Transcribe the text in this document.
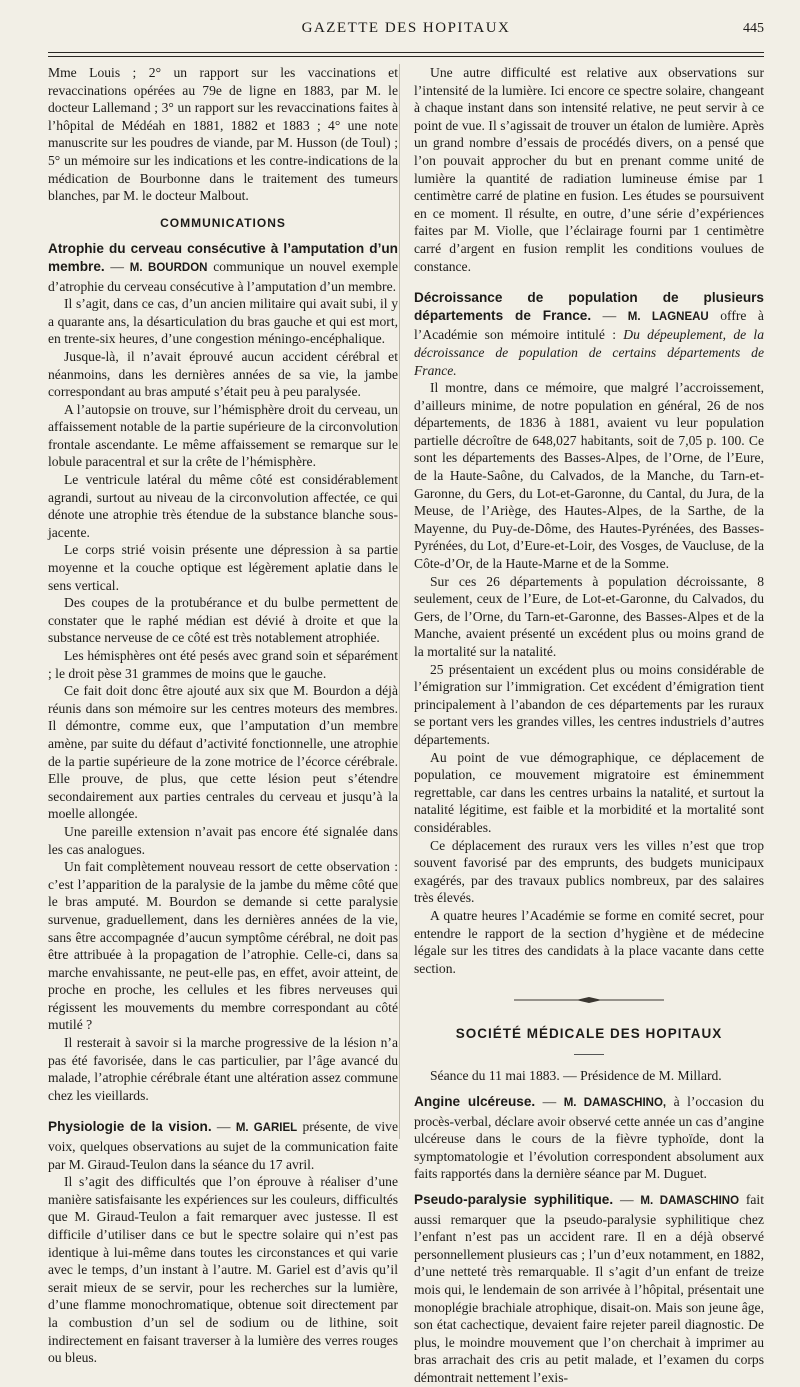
GAZETTE DES HOPITAUX	445

Mme Louis ; 2° un rapport sur les vaccinations et revaccinations opérées au 79e de ligne en 1883, par M. le docteur Lallemand ; 3° un rapport sur les revaccinations faites à l’hôpital de Médéah en 1881, 1882 et 1883 ; 4° une note manuscrite sur les poudres de viande, par M. Husson (de Toul) ; 5° un mémoire sur les indications et les contre-indications de la médication de Bourbonne dans le traitement des tumeurs blanches, par M. le docteur Malbout.

COMMUNICATIONS

Atrophie du cerveau consécutive à l’amputation d’un membre. — M. BOURDON communique un nouvel exemple d’atrophie du cerveau consécutive à l’amputation d’un membre.

Il s’agit, dans ce cas, d’un ancien militaire qui avait subi, il y a quarante ans, la désarticulation du bras gauche et qui est mort, en trente-six heures, d’une congestion méningo-encéphalique.

Jusque-là, il n’avait éprouvé aucun accident cérébral et néanmoins, dans les dernières années de sa vie, la jambe correspondant au bras amputé s’était peu à peu paralysée.

A l’autopsie on trouve, sur l’hémisphère droit du cerveau, un affaissement notable de la partie supérieure de la circonvolution frontale ascendante. Le même affaissement se remarque sur le lobule paracentral et sur la crête de l’hémisphère.

Le ventricule latéral du même côté est considérablement agrandi, surtout au niveau de la circonvolution affectée, ce qui dénote une atrophie très étendue de la substance blanche sous-jacente.

Le corps strié voisin présente une dépression à sa partie moyenne et la couche optique est légèrement aplatie dans le sens vertical.

Des coupes de la protubérance et du bulbe permettent de constater que le raphé médian est dévié à droite et que la substance nerveuse de ce côté est très notablement atrophiée.

Les hémisphères ont été pesés avec grand soin et séparément ; le droit pèse 31 grammes de moins que le gauche.

Ce fait doit donc être ajouté aux six que M. Bourdon a déjà réunis dans son mémoire sur les centres moteurs des membres. Il démontre, comme eux, que l’amputation d’un membre amène, par suite du défaut d’activité fonctionnelle, une atrophie de la partie supérieure de la zone motrice de l’écorce cérébrale. Elle prouve, de plus, que cette lésion peut s’étendre secondairement aux parties centrales du cerveau et jusqu’à la moelle allongée.

Une pareille extension n’avait pas encore été signalée dans les cas analogues.

Un fait complètement nouveau ressort de cette observation : c’est l’apparition de la paralysie de la jambe du même côté que le bras amputé. M. Bourdon se demande si cette paralysie survenue, graduellement, dans les dernières années de la vie, sans être accompagnée d’aucun symptôme cérébral, ne doit pas être attribuée à la propagation de l’atrophie. Celle-ci, dans sa marche envahissante, ne peut-elle pas, en effet, avoir atteint, de proche en proche, les cellules et les fibres nerveuses qui régissent les mouvements du membre correspondant au côté mutilé ?

Il resterait à savoir si la marche progressive de la lésion n’a pas été favorisée, dans le cas particulier, par l’âge avancé du malade, l’atrophie cérébrale étant une altération assez commune chez les vieillards.

Physiologie de la vision. — M. GARIEL présente, de vive voix, quelques observations au sujet de la communication faite par M. Giraud-Teulon dans la séance du 17 avril.

Il s’agit des difficultés que l’on éprouve à réaliser d’une manière satisfaisante les expériences sur les couleurs, difficultés que M. Giraud-Teulon a fait remarquer avec justesse. Il est difficile d’utiliser dans ce but le spectre solaire qui n’est pas identique à lui-même dans toutes les circonstances et qui varie avec le temps, d’un instant à l’autre. M. Gariel est d’avis qu’il serait mieux de se servir, pour les recherches sur la lumière, d’une flamme monochromatique, obtenue soit directement par la combustion d’un sel de sodium ou de lithine, soit indirectement en faisant traverser à la lumière des verres rouges ou bleus.

Une autre difficulté est relative aux observations sur l’intensité de la lumière. Ici encore ce spectre solaire, changeant à chaque instant dans son intensité relative, ne peut servir à ce point de vue. Il s’agissait de trouver un étalon de lumière. Après un grand nombre d’essais de procédés divers, on a pensé que l’on pouvait approcher du but en prenant comme unité de lumière la quantité de radiation lumineuse émise par 1 centimètre carré de platine en fusion. Les études se poursuivent en ce moment. Il résulte, en outre, d’une série d’expériences faites par M. Violle, que l’éclairage fourni par 1 centimètre carré d’argent en fusion remplit les conditions voulues de constance.

Décroissance de population de plusieurs départements de France. — M. LAGNEAU offre à l’Académie son mémoire intitulé : Du dépeuplement, de la décroissance de population de certains départements de France.

Il montre, dans ce mémoire, que malgré l’accroissement, d’ailleurs minime, de notre population en général, 26 de nos départements, de 1836 à 1881, avaient vu leur population partielle décroître de 648,027 habitants, soit de 7,05 p. 100. Ce sont les départements des Basses-Alpes, de l’Orne, de l’Eure, de la Haute-Saône, du Calvados, de la Manche, du Tarn-et-Garonne, du Gers, du Lot-et-Garonne, du Cantal, du Jura, de la Meuse, de l’Ariège, des Hautes-Alpes, de la Sarthe, de la Mayenne, du Puy-de-Dôme, des Hautes-Pyrénées, des Basses-Pyrénées, du Lot, d’Eure-et-Loir, des Vosges, de Vaucluse, de la Côte-d’Or, de la Haute-Marne et de la Somme.

Sur ces 26 départements à population décroissante, 8 seulement, ceux de l’Eure, de Lot-et-Garonne, du Calvados, du Gers, de l’Orne, du Tarn-et-Garonne, des Basses-Alpes et de la Manche, avaient présenté un excédent plus ou moins grand de la mortalité sur la natalité.

25 présentaient un excédent plus ou moins considérable de l’émigration sur l’immigration. Cet excédent d’émigration tient principalement à l’abandon de ces départements par les ruraux se portant vers les grandes villes, les centres industriels d’autres départements.

Au point de vue démographique, ce déplacement de population, ce mouvement migratoire est éminemment regrettable, car dans les centres urbains la natalité, et surtout la natalité légitime, est faible et la morbidité et la mortalité sont considérables.

Ce déplacement des ruraux vers les villes n’est que trop souvent favorisé par des emprunts, des budgets municipaux exagérés, par des travaux publics nombreux, par des salaires très élevés.

A quatre heures l’Académie se forme en comité secret, pour entendre le rapport de la section d’hygiène et de médecine légale sur les titres des candidats à la place vacante dans cette section.

SOCIÉTÉ MÉDICALE DES HOPITAUX

Séance du 11 mai 1883. — Présidence de M. Millard.

Angine ulcéreuse. — M. DAMASCHINO, à l’occasion du procès-verbal, déclare avoir observé cette année un cas d’angine ulcéreuse dans le cours de la fièvre typhoïde, dont la symptomatologie et l’évolution correspondent absolument aux faits rapportés dans la dernière séance par M. Duguet.

Pseudo-paralysie syphilitique. — M. DAMASCHINO fait aussi remarquer que la pseudo-paralysie syphilitique chez l’enfant n’est pas un accident rare. Il en a déjà observé personnellement plusieurs cas ; l’un d’eux notamment, en 1882, d’une netteté très remarquable. Il s’agit d’un enfant de treize mois qui, le lendemain de son arrivée à l’hôpital, présentait une monoplégie brachiale atrophique, disait-on. Mais son jeune âge, son état cachectique, devaient faire rejeter pareil diagnostic. De plus, le moindre mouvement que l’on cherchait à imprimer au bras arrachait des cris au petit malade, et l’examen du corps démontrait nettement l’exis-
